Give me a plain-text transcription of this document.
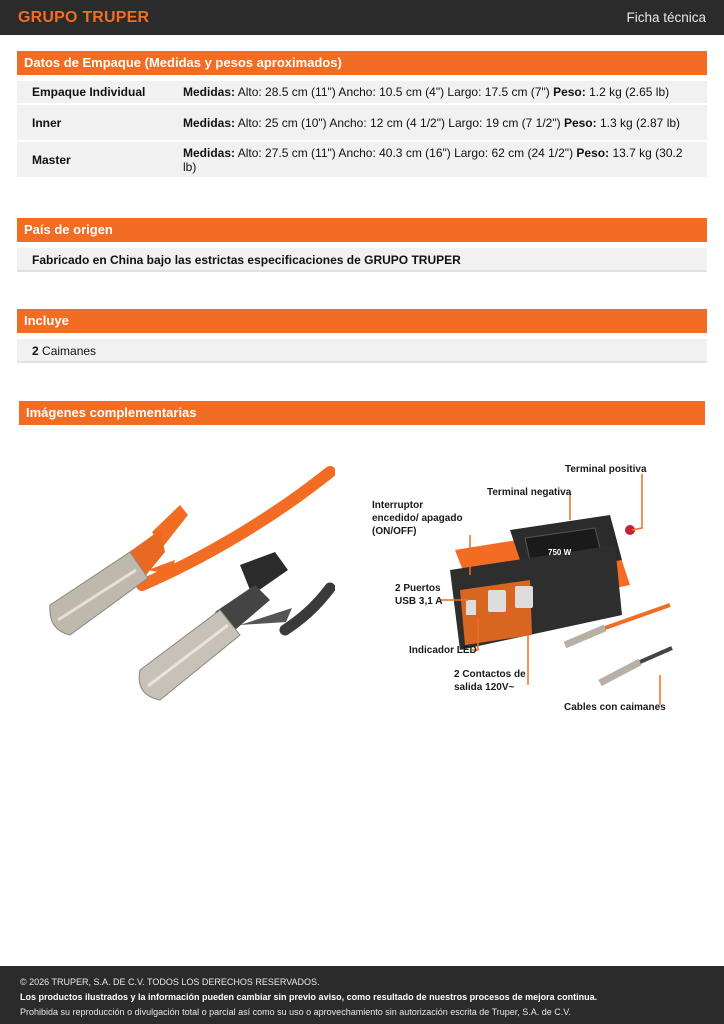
GRUPO TRUPER	Ficha técnica
Datos de Empaque (Medidas y pesos aproximados)
Empaque Individual	Medidas: Alto: 28.5 cm (11") Ancho: 10.5 cm (4") Largo: 17.5 cm (7") Peso: 1.2 kg (2.65 lb)
Inner	Medidas: Alto: 25 cm (10") Ancho: 12 cm (4 1/2") Largo: 19 cm (7 1/2") Peso: 1.3 kg (2.87 lb)
Master	Medidas: Alto: 27.5 cm (11") Ancho: 40.3 cm (16") Largo: 62 cm (24 1/2") Peso: 13.7 kg (30.2 lb)
País de origen
Fabricado en China bajo las estrictas especificaciones de GRUPO TRUPER
Incluye
2 Caimanes
Imágenes complementarias
Terminal positiva
Terminal negativa
Interruptor
encedido/ apagado
(ON/OFF)
2 Puertos
USB 3,1 A
Indicador LED
2 Contactos de
salida 120V~
Cables con caimanes
750 W
© 2026 TRUPER, S.A. DE C.V. TODOS LOS DERECHOS RESERVADOS.
Los productos ilustrados y la información pueden cambiar sin previo aviso, como resultado de nuestros procesos de mejora continua.
Prohibida su reproducción o divulgación total o parcial así como su uso o aprovechamiento sin autorización escrita de Truper, S.A. de C.V.
